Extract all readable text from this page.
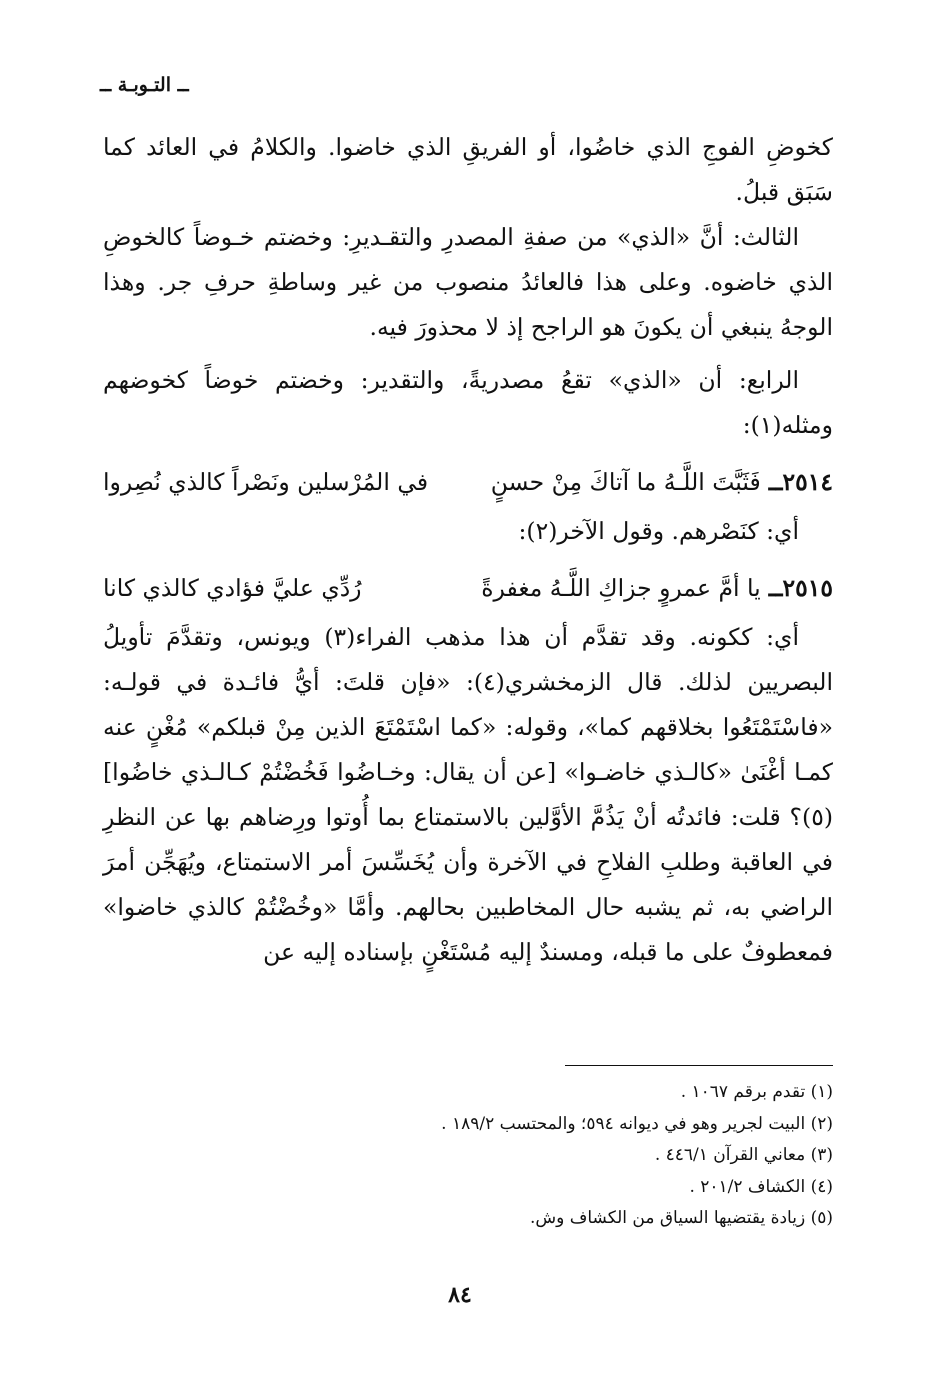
ــ التـوبـة ــ

كخوضِ الفوجِ الذي خاضُوا، أو الفريقِ الذي خاضوا. والكلامُ في العائد كما سَبَق قبلُ.

الثالث: أنَّ «الذي» من صفةِ المصدرِ والتقـديرِ: وخضتم خـوضاً كالخوضِ الذي خاضوه. وعلى هذا فالعائدُ منصوب من غير وساطةِ حرفِ جر. وهذا الوجهُ ينبغي أن يكونَ هو الراجح إذ لا محذورَ فيه.

الرابع: أن «الذي» تقعُ مصدريةً، والتقدير: وخضتم خوضاً كخوضهم ومثله(١):

٢٥١٤ــ
فَثَبَّتَ اللَّـهُ ما آتاكَ مِنْ حسنٍ
في المُرْسلين ونَصْراً كالذي نُصِروا

أي: كنَصْرهم. وقول الآخر(٢):

٢٥١٥ــ
يا أمَّ عمروٍ جزاكِ اللَّـهُ مغفرةً
رُدِّي عليَّ فؤادي كالذي كانا

أي: ككونه. وقد تقدَّم أن هذا مذهب الفراء(٣) ويونس، وتقدَّمَ تأويلُ البصريين لذلك. قال الزمخشري(٤): «فإن قلتَ: أيُّ فائـدة في قولـه: «فاسْتَمْتَعُوا بخلاقهم كما»، وقوله: «كما اسْتَمْتَعَ الذين مِنْ قبلكم» مُغْنٍ عنه كمـا أغْنَىٰ «كالـذي خاضـوا» [عن أن يقال: وخـاضُوا فَخُضْتُمْ كـالـذي خاضُوا](٥)؟ قلت: فائدتُه أنْ يَذُمَّ الأوَّلين بالاستمتاع بما أُوتوا ورِضاهم بها عن النظرِ في العاقبة وطلبِ الفلاحِ في الآخرة وأن يُخَسِّسَ أمر الاستمتاع، ويُهَجِّن أمرَ الراضي به، ثم يشبه حال المخاطبين بحالهم. وأمَّا «وخُضْتُمْ كالذي خاضوا» فمعطوفٌ على ما قبله، ومسندٌ إليه مُسْتَغْنٍ بإسناده إليه عن

(١) تقدم برقم ١٠٦٧ .
(٢) البيت لجرير وهو في ديوانه ٥٩٤؛ والمحتسب ١٨٩/٢ .
(٣) معاني القرآن ٤٤٦/١ .
(٤) الكشاف ٢٠١/٢ .
(٥) زيادة يقتضيها السياق من الكشاف وش.
٨٤
